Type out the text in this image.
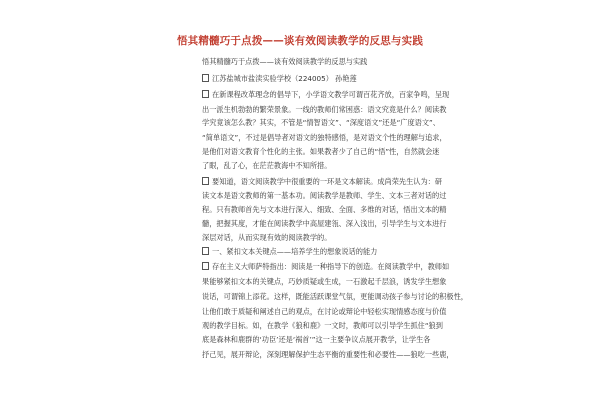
悟其精髓巧于点拨——谈有效阅读教学的反思与实践
悟其精髓巧于点拨——谈有效阅读教学的反思与实践
江苏盐城市盐渎实验学校（224005） 孙艳莲
在新课程改革理念的倡导下，小学语文教学可谓百花齐放，百家争鸣，呈现
出一派生机勃勃的繁荣景象。一线的教师们常困惑：语文究竟是什么？阅读教
学究竟该怎么教？其实，不管是“情智语文”、“深度语文”还是“广度语文”、
“简单语文”，不过是倡导者对语文的独特感悟，是对语文个性的理解与追求，
是他们对语文教育个性化的主张。如果教者少了自己的“悟”性，自然就会迷
了眼，乱了心，在茫茫教海中不知所措。
要知道，语文阅读教学中很重要的一环是文本解读。成尚荣先生认为：研
读文本是语文教师的第一基本功。阅读教学是教师、学生、文本三者对话的过
程。只有教师首先与文本进行深入、细致、全面、多维的对话，悟出文本的精
髓，把握其度，才能在阅读教学中高屋建瓴、深入浅出，引导学生与文本进行
深层对话，从而实现有效的阅读教学的。
一、紧扣文本关键点——培养学生的想象说话的能力
存在主义大师萨特指出：阅读是一种指导下的创造。在阅读教学中，教师如
果能够紧扣文本的关键点，巧妙质疑或生成，一石激起千层浪，诱发学生想象
说话，可谓锦上添花。这样，既能活跃课堂气氛，更能调动孩子参与讨论的积极性，
让他们敢于质疑和阐述自己的观点，在讨论或辩论中轻松实现情感态度与价值
观的教学目标。如，在教学《狼和鹿》一文时，教师可以引导学生抓住“狼到
底是森林和鹿群的‘功臣’还是‘祸首’”这一主要争议点展开教学，让学生各
抒己见，展开辩论，深刻理解保护生态平衡的重要性和必要性——狼吃一些鹿，
